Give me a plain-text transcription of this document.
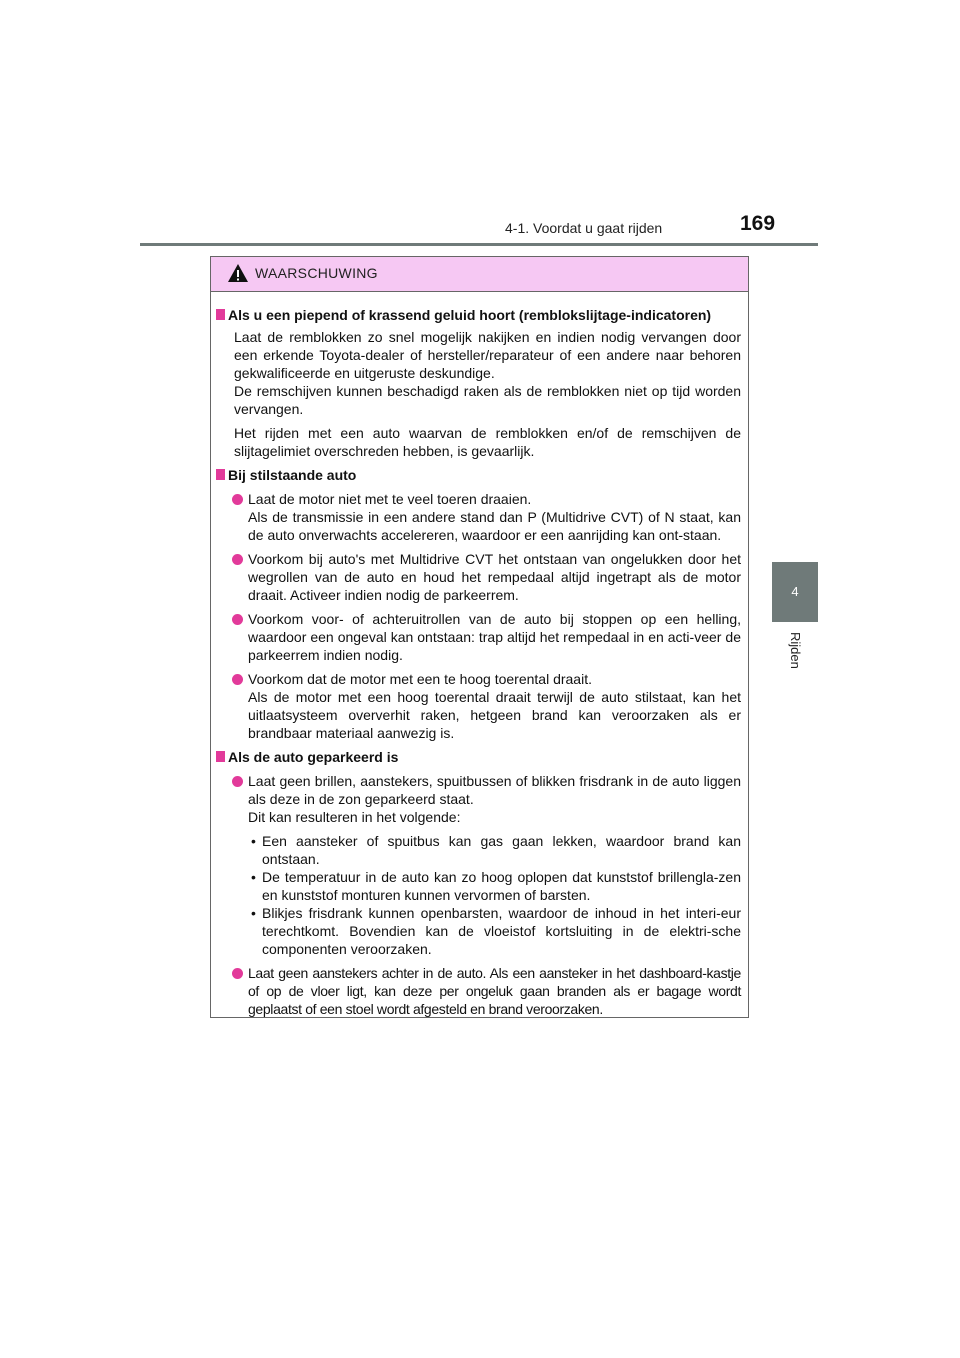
4-1. Voordat u gaat rijden	169
4
Rijden
WAARSCHUWING
Als u een piepend of krassend geluid hoort (remblokslijtage-indicatoren)
Laat de remblokken zo snel mogelijk nakijken en indien nodig vervangen door een erkende Toyota-dealer of hersteller/reparateur of een andere naar behoren gekwalificeerde en uitgeruste deskundige.
De remschijven kunnen beschadigd raken als de remblokken niet op tijd worden vervangen.
Het rijden met een auto waarvan de remblokken en/of de remschijven de slijtagelimiet overschreden hebben, is gevaarlijk.
Bij stilstaande auto
Laat de motor niet met te veel toeren draaien.
Als de transmissie in een andere stand dan P (Multidrive CVT) of N staat, kan de auto onverwachts accelereren, waardoor er een aanrijding kan ont-staan.
Voorkom bij auto's met Multidrive CVT het ontstaan van ongelukken door het wegrollen van de auto en houd het rempedaal altijd ingetrapt als de motor draait. Activeer indien nodig de parkeerrem.
Voorkom voor- of achteruitrollen van de auto bij stoppen op een helling, waardoor een ongeval kan ontstaan: trap altijd het rempedaal in en acti-veer de parkeerrem indien nodig.
Voorkom dat de motor met een te hoog toerental draait.
Als de motor met een hoog toerental draait terwijl de auto stilstaat, kan het uitlaatsysteem oververhit raken, hetgeen brand kan veroorzaken als er brandbaar materiaal aanwezig is.
Als de auto geparkeerd is
Laat geen brillen, aanstekers, spuitbussen of blikken frisdrank in de auto liggen als deze in de zon geparkeerd staat.
Dit kan resulteren in het volgende:
• Een aansteker of spuitbus kan gas gaan lekken, waardoor brand kan ontstaan.
• De temperatuur in de auto kan zo hoog oplopen dat kunststof brillengla-zen en kunststof monturen kunnen vervormen of barsten.
• Blikjes frisdrank kunnen openbarsten, waardoor de inhoud in het interi-eur terechtkomt. Bovendien kan de vloeistof kortsluiting in de elektri-sche componenten veroorzaken.
Laat geen aanstekers achter in de auto. Als een aansteker in het dashboard-kastje of op de vloer ligt, kan deze per ongeluk gaan branden als er bagage wordt geplaatst of een stoel wordt afgesteld en brand veroorzaken.
